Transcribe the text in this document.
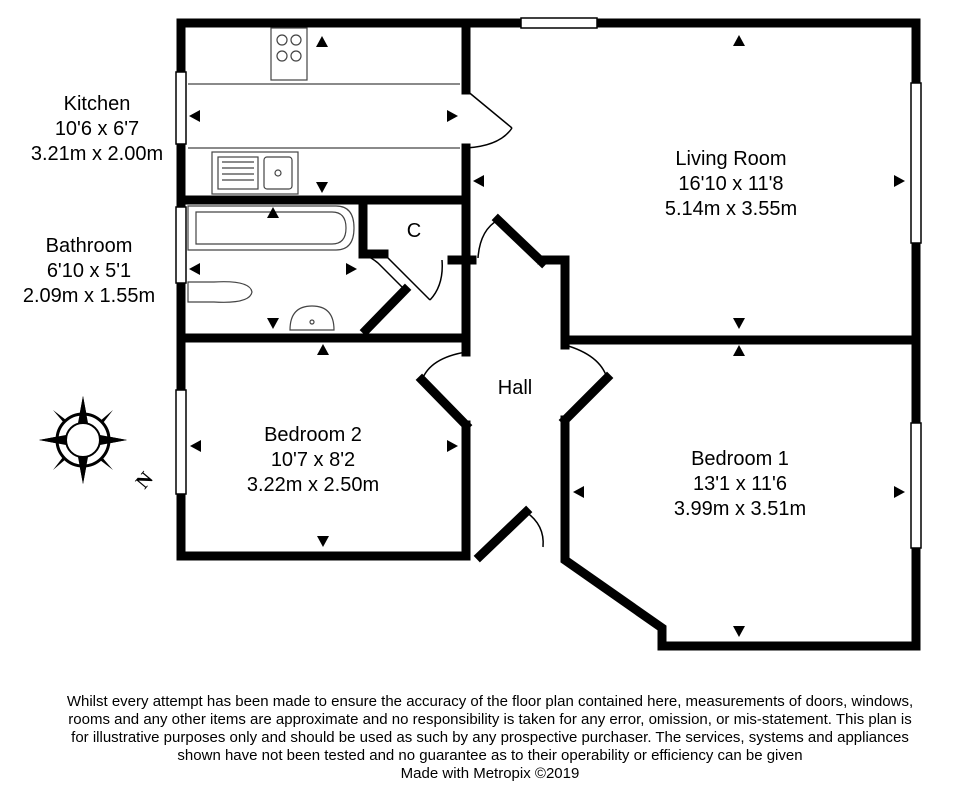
N
Living Room
16'10 x 11'8
5.14m x 3.55m
C
Hall
Bedroom 2
10'7 x 8'2
3.22m x 2.50m
Bedroom 1
13'1 x 11'6
3.99m x 3.51m
Kitchen
10'6 x 6'7
3.21m x 2.00m
Bathroom
6'10 x 5'1
2.09m x 1.55m

Whilst every attempt has been made to ensure the accuracy of the floor plan contained here, measurements of doors, windows, rooms and any other items are approximate and no responsibility is taken for any error, omission, or mis-statement. This plan is for illustrative purposes only and should be used as such by any prospective purchaser. The services, systems and appliances shown have not been tested and no guarantee as to their operability or efficiency can be given

Made with Metropix ©2019
